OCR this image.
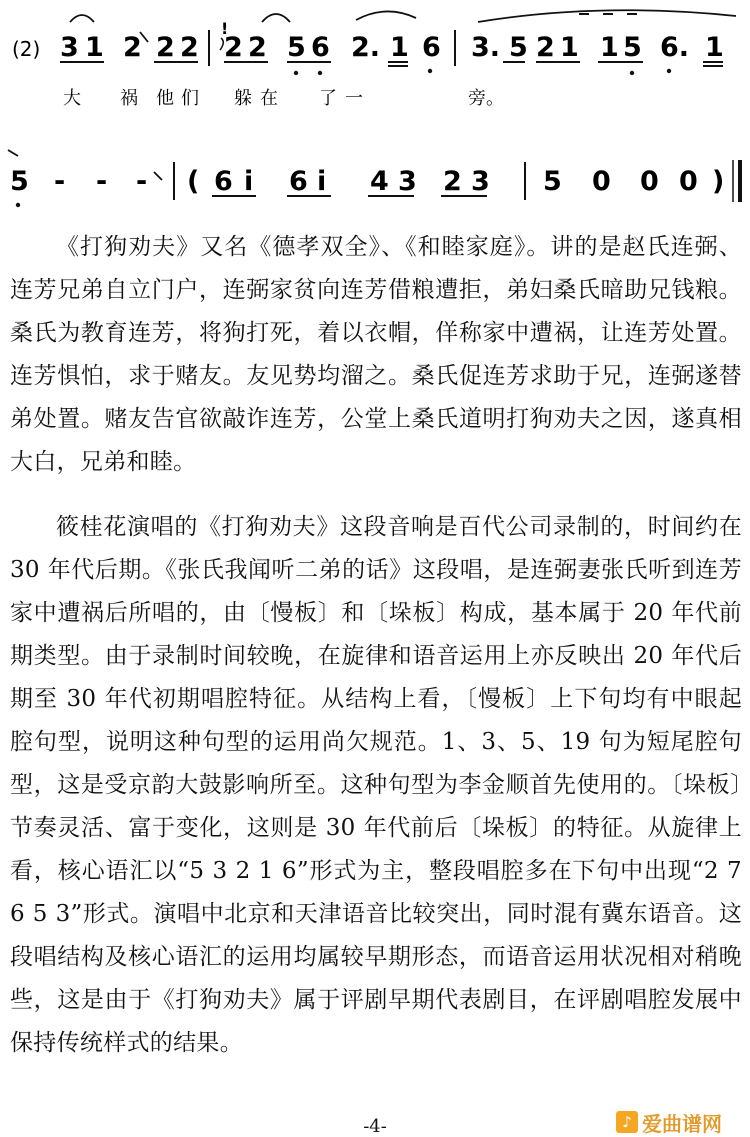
(2) 3 1 2 2 2
!
2 2 5 6 2. 1 6 3. 5 2 1 1 5 6. 1
大 祸 他 们 躲 在 了 一	旁。
5 - - - ( 6 i 6 i 4 3 2 3 5 0 0 0 )

《打狗劝夫》又名《德孝双全》、《和睦家庭》。讲的是赵氏连弼、连芳兄弟自立门户，连弼家贫向连芳借粮遭拒，弟妇桑氏暗助兄钱粮。桑氏为教育连芳，将狗打死，着以衣帽，佯称家中遭祸，让连芳处置。连芳惧怕，求于赌友。友见势均溜之。桑氏促连芳求助于兄，连弼遂替弟处置。赌友告官欲敲诈连芳，公堂上桑氏道明打狗劝夫之因，遂真相大白，兄弟和睦。

筱桂花演唱的《打狗劝夫》这段音响是百代公司录制的，时间约在 30 年代后期。《张氏我闻听二弟的话》这段唱，是连弼妻张氏听到连芳家中遭祸后所唱的，由〔慢板〕和〔垛板〕构成，基本属于 20 年代前期类型。由于录制时间较晚，在旋律和语音运用上亦反映出 20 年代后期至 30 年代初期唱腔特征。从结构上看，〔慢板〕上下句均有中眼起腔句型，说明这种句型的运用尚欠规范。1、3、5、19 句为短尾腔句型，这是受京韵大鼓影响所至。这种句型为李金顺首先使用的。〔垛板〕节奏灵活、富于变化，这则是 30 年代前后〔垛板〕的特征。从旋律上看，核心语汇以“5 3 2 1 6”形式为主，整段唱腔多在下句中出现“2 7 6 5 3”形式。演唱中北京和天津语音比较突出，同时混有冀东语音。这段唱结构及核心语汇的运用均属较早期形态，而语音运用状况相对稍晚些，这是由于《打狗劝夫》属于评剧早期代表剧目，在评剧唱腔发展中保持传统样式的结果。

-4-	♪ 爱曲谱网
